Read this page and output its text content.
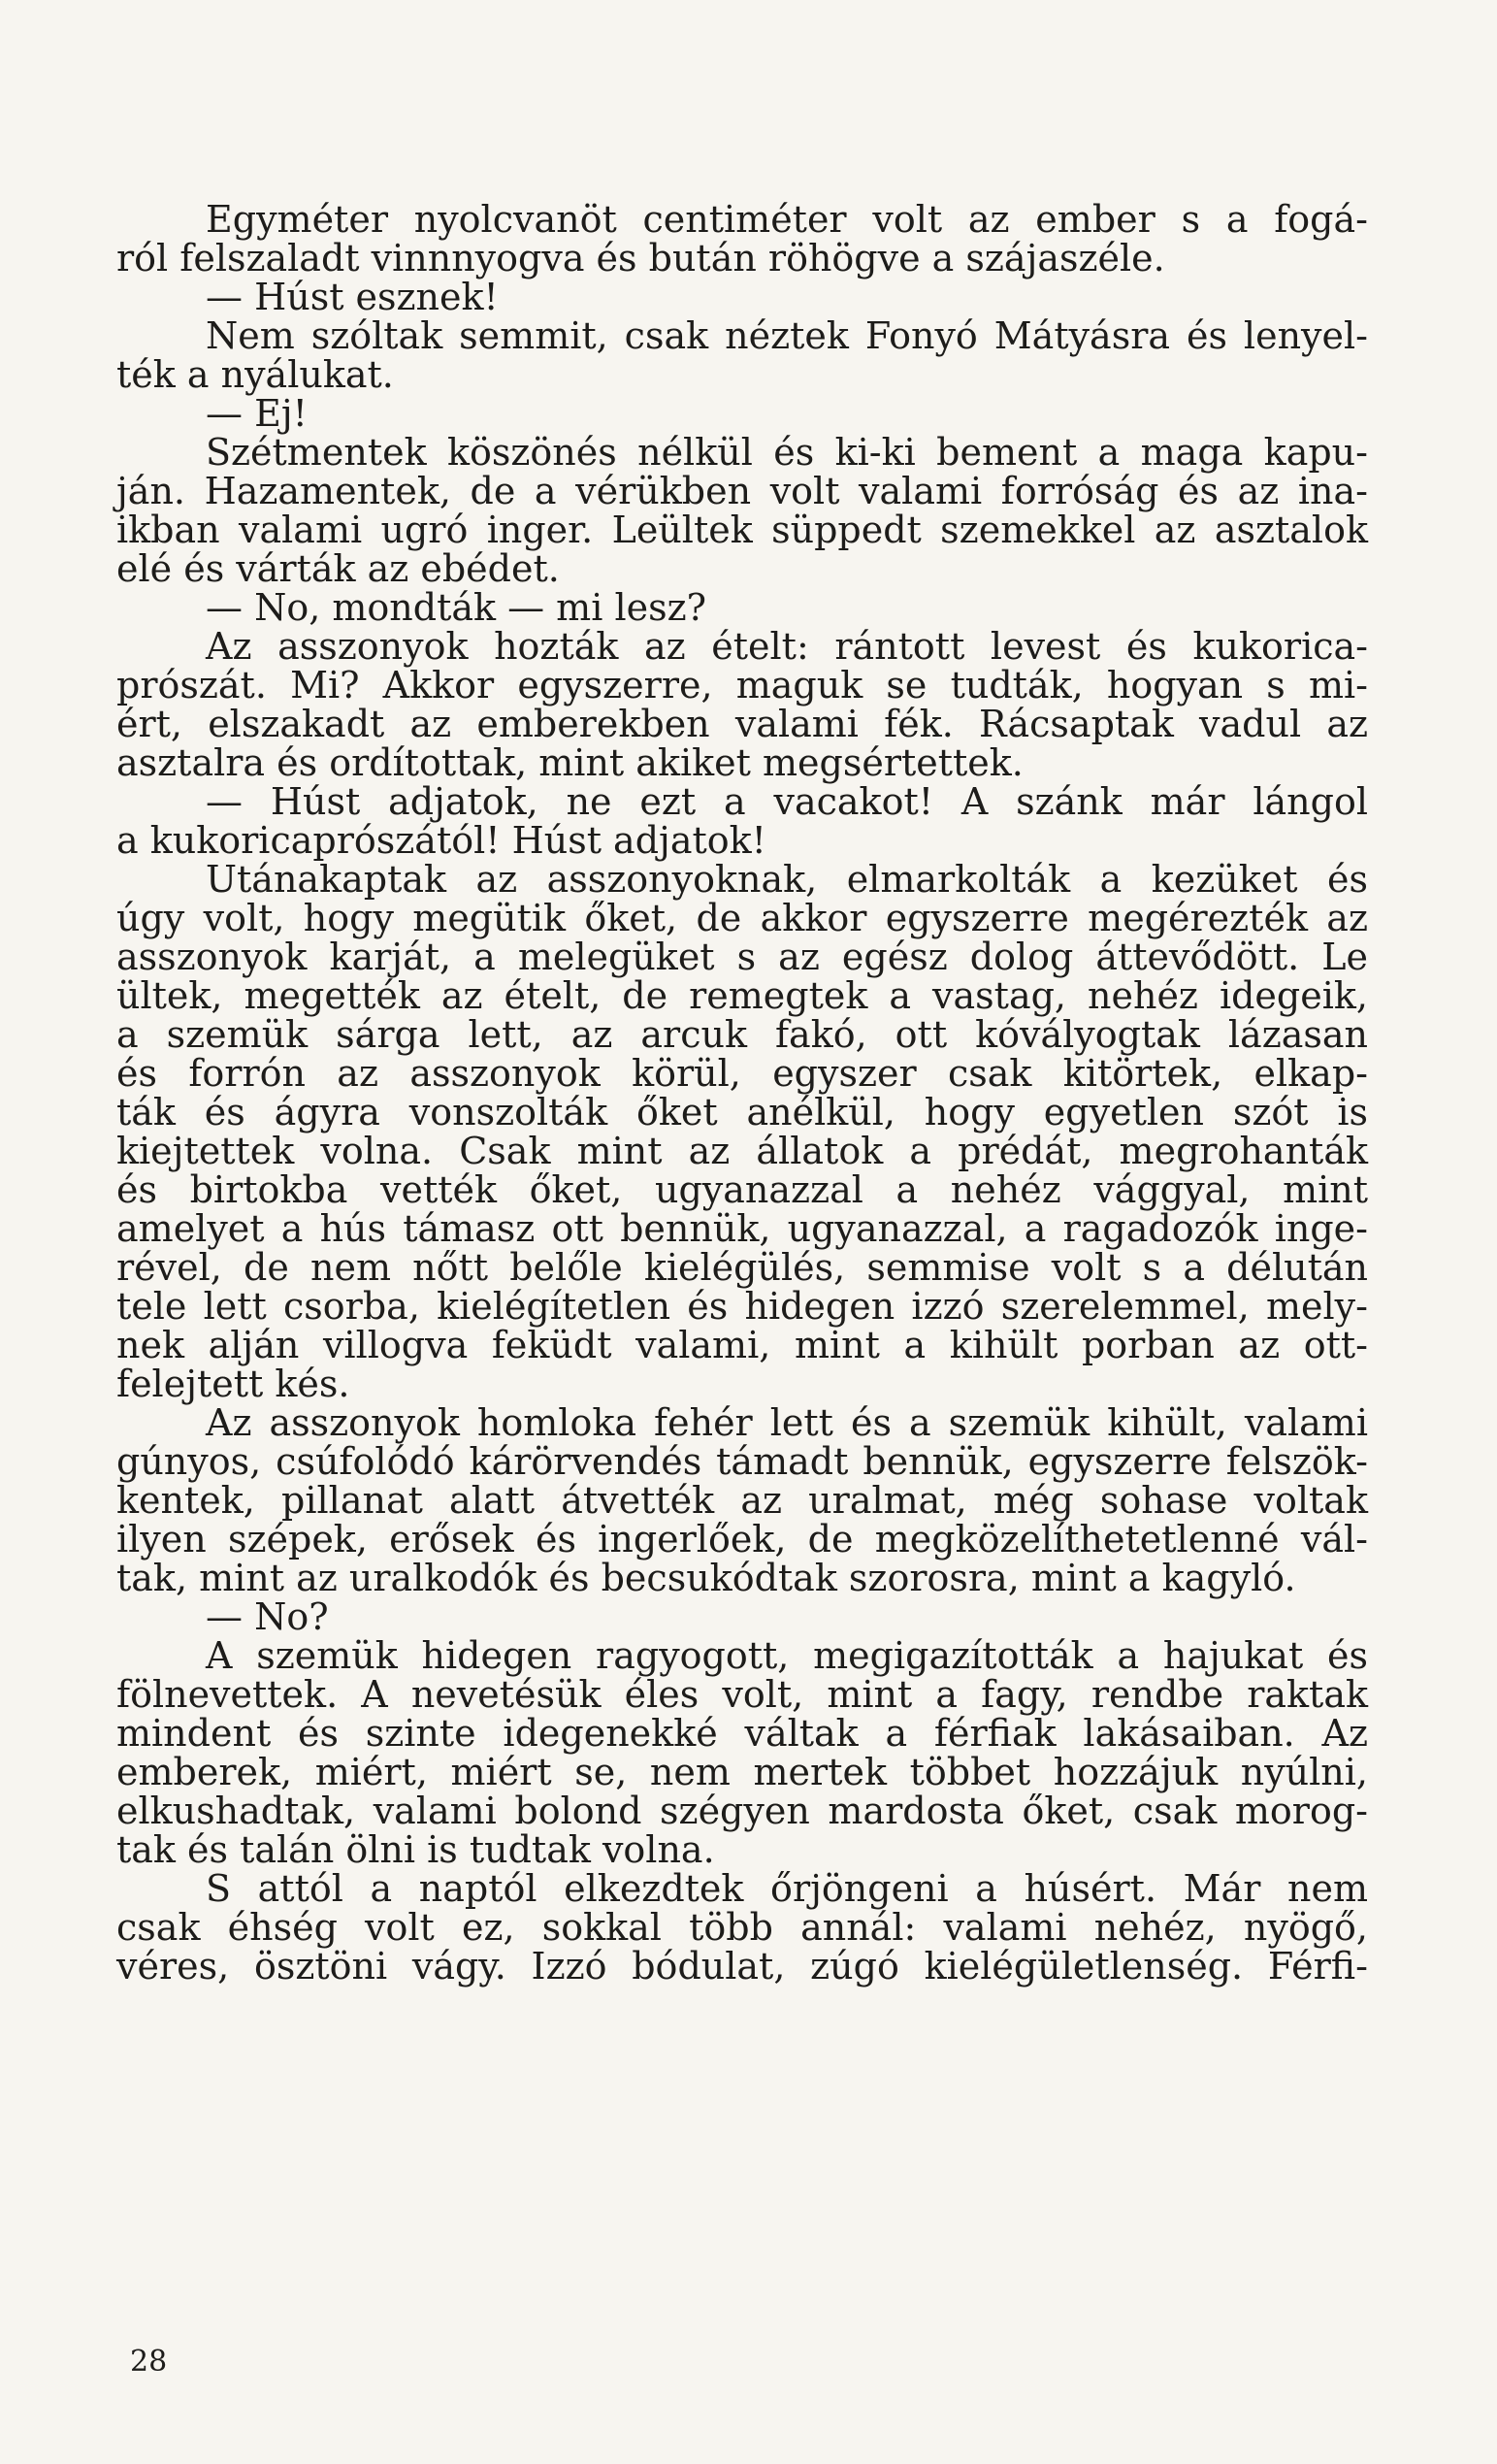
Egyméter nyolcvanöt centiméter volt az ember s a fogá-
ról felszaladt vinnnyogva és bután röhögve a szájaszéle.
— Húst esznek!
Nem szóltak semmit, csak néztek Fonyó Mátyásra és lenyel-
ték a nyálukat.
— Ej!
Szétmentek köszönés nélkül és ki-ki bement a maga kapu-
ján. Hazamentek, de a vérükben volt valami forróság és az ina-
ikban valami ugró inger. Leültek süppedt szemekkel az asztalok
elé és várták az ebédet.
— No, mondták — mi lesz?
Az asszonyok hozták az ételt: rántott levest és kukorica-
prószát. Mi? Akkor egyszerre, maguk se tudták, hogyan s mi-
ért, elszakadt az emberekben valami fék. Rácsaptak vadul az
asztalra és ordítottak, mint akiket megsértettek.
— Húst adjatok, ne ezt a vacakot! A szánk már lángol
a kukoricaprószától! Húst adjatok!
Utánakaptak az asszonyoknak, elmarkolták a kezüket és
úgy volt, hogy megütik őket, de akkor egyszerre megérezték az
asszonyok karját, a melegüket s az egész dolog áttevődött. Le
ültek, megették az ételt, de remegtek a vastag, nehéz idegeik,
a szemük sárga lett, az arcuk fakó, ott kóvályogtak lázasan
és forrón az asszonyok körül, egyszer csak kitörtek, elkap-
ták és ágyra vonszolták őket anélkül, hogy egyetlen szót is
kiejtettek volna. Csak mint az állatok a prédát, megrohanták
és birtokba vették őket, ugyanazzal a nehéz vággyal, mint
amelyet a hús támasz ott bennük, ugyanazzal, a ragadozók inge-
rével, de nem nőtt belőle kielégülés, semmise volt s a délután
tele lett csorba, kielégítetlen és hidegen izzó szerelemmel, mely-
nek alján villogva feküdt valami, mint a kihült porban az ott-
felejtett kés.
Az asszonyok homloka fehér lett és a szemük kihült, valami
gúnyos, csúfolódó kárörvendés támadt bennük, egyszerre felszök-
kentek, pillanat alatt átvették az uralmat, még sohase voltak
ilyen szépek, erősek és ingerlőek, de megközelíthetetlenné vál-
tak, mint az uralkodók és becsukódtak szorosra, mint a kagyló.
— No?
A szemük hidegen ragyogott, megigazították a hajukat és
fölnevettek. A nevetésük éles volt, mint a fagy, rendbe raktak
mindent és szinte idegenekké váltak a férfiak lakásaiban. Az
emberek, miért, miért se, nem mertek többet hozzájuk nyúlni,
elkushadtak, valami bolond szégyen mardosta őket, csak morog-
tak és talán ölni is tudtak volna.
S attól a naptól elkezdtek őrjöngeni a húsért. Már nem
csak éhség volt ez, sokkal több annál: valami nehéz, nyögő,
véres, ösztöni vágy. Izzó bódulat, zúgó kielégületlenség. Férfi-
28
